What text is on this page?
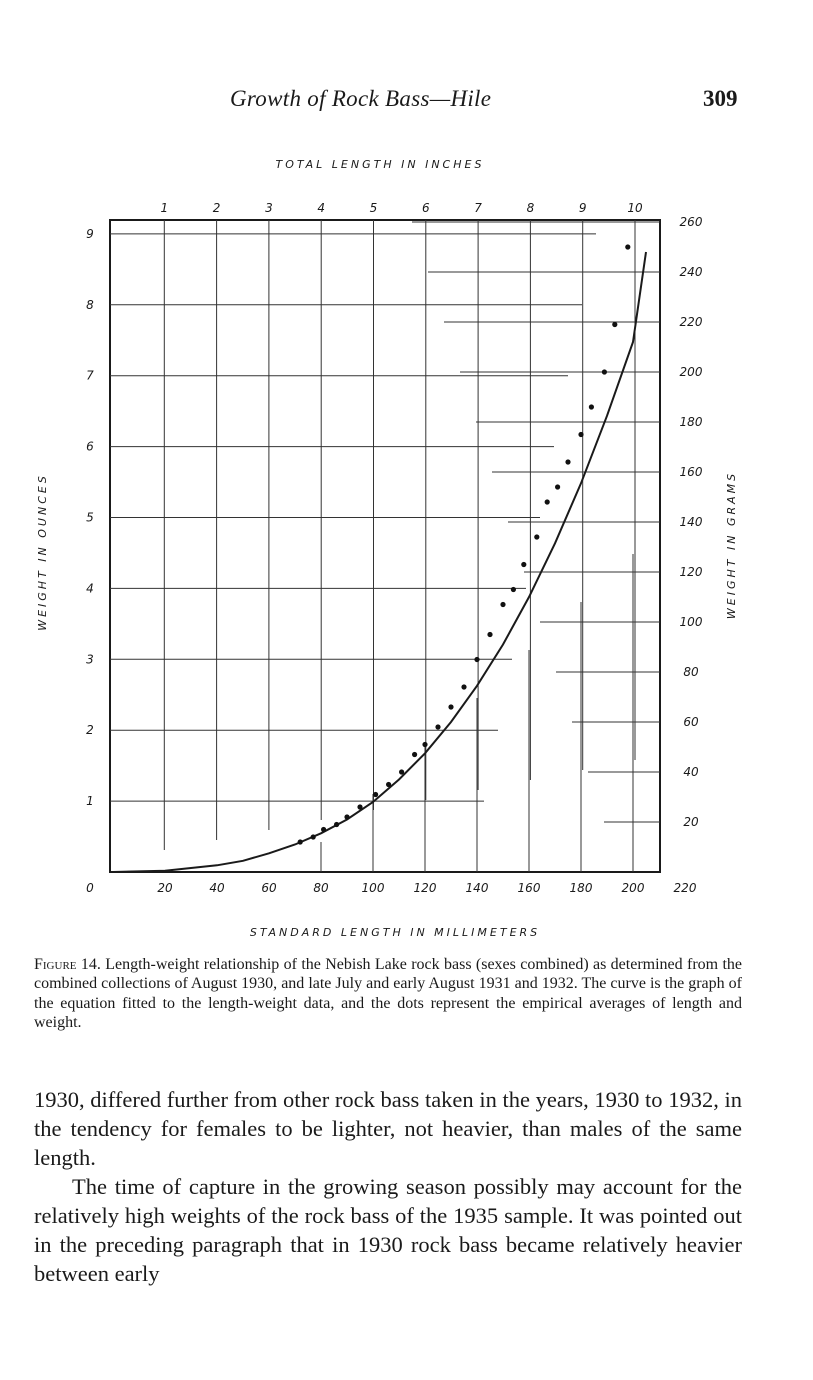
Growth of Rock Bass—Hile	309
TOTAL LENGTH IN INCHES
STANDARD LENGTH IN MILLIMETERS
WEIGHT IN OUNCES	WEIGHT IN GRAMS
0	20	40	60	80	100 120 140 160 180 200 220
1	2	3	4	5	6	7	8	9	10
1
2
3
4
5
6
7
8
9
20
40
60
80
100
120
140
160
180
200
220
240
260
Figure 14. Length-weight relationship of the Nebish Lake rock bass (sexes combined) as determined from the combined collections of August 1930, and late July and early August 1931 and 1932. The curve is the graph of the equation fitted to the length-weight data, and the dots represent the empirical averages of length and weight.

1930, differed further from other rock bass taken in the years, 1930 to 1932, in the tendency for females to be lighter, not heavier, than males of the same length.

The time of capture in the growing season possibly may account for the relatively high weights of the rock bass of the 1935 sample. It was pointed out in the preceding paragraph that in 1930 rock bass became relatively heavier between early
